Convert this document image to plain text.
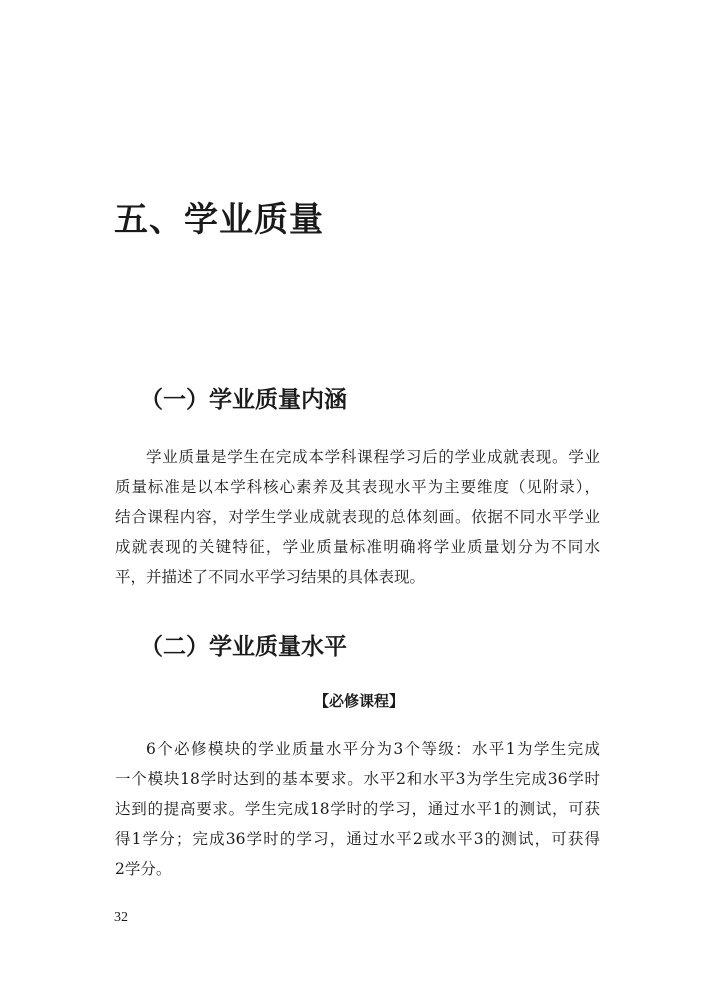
五、学业质量
（一）学业质量内涵
学业质量是学生在完成本学科课程学习后的学业成就表现。学业
质量标准是以本学科核心素养及其表现水平为主要维度（见附录），
结合课程内容，对学生学业成就表现的总体刻画。依据不同水平学业
成就表现的关键特征，学业质量标准明确将学业质量划分为不同水
平，并描述了不同水平学习结果的具体表现。
（二）学业质量水平
【必修课程】
6个必修模块的学业质量水平分为3个等级：水平1为学生完成
一个模块18学时达到的基本要求。水平2和水平3为学生完成36学时
达到的提高要求。学生完成18学时的学习，通过水平1的测试，可获
得1学分；完成36学时的学习，通过水平2或水平3的测试，可获得
2学分。
32
